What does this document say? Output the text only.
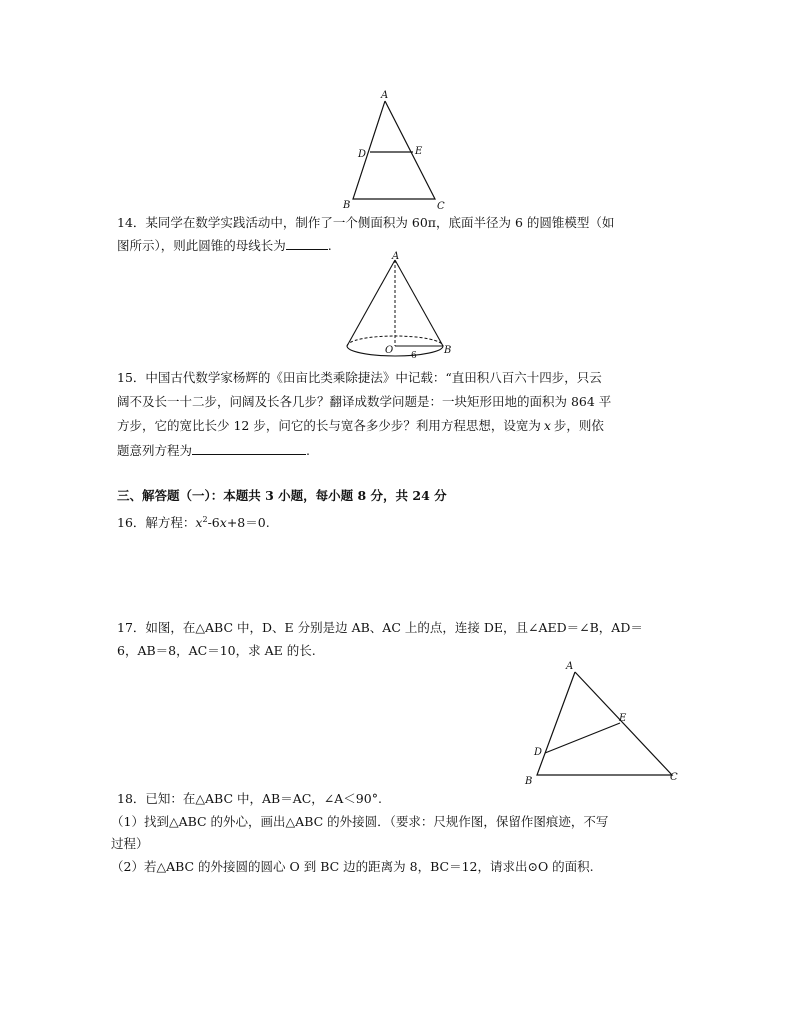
A
D	E
B	C
14．某同学在数学实践活动中，制作了一个侧面积为 60π，底面半径为 6 的圆锥模型（如
图所示），则此圆锥的母线长为	.
A
O 6	B
15．中国古代数学家杨辉的《田亩比类乘除捷法》中记载：“直田积八百六十四步，只云
阔不及长一十二步，问阔及长各几步？翻译成数学问题是：一块矩形田地的面积为 864 平
方步，它的宽比长少 12 步，问它的长与宽各多少步？利用方程思想，设宽为 x 步，则依
题意列方程为	.
三、解答题（一）：本题共 3 小题，每小题 8 分，共 24 分
16．解方程：$x^2-6x+8=0$.
17．如图，在△ABC 中，D、E 分别是边 AB、AC 上的点，连接 DE，且∠AED＝∠B，AD＝
6，AB＝8，AC＝10，求 AE 的长.
A
E
D
B	C
18．已知：在△ABC 中，AB＝AC，∠A＜90°.
（1）找到△ABC 的外心，画出△ABC 的外接圆．（要求：尺规作图，保留作图痕迹，不写
过程）
（2）若△ABC 的外接圆的圆心 O 到 BC 边的距离为 8，BC＝12，请求出⊙O 的面积.
